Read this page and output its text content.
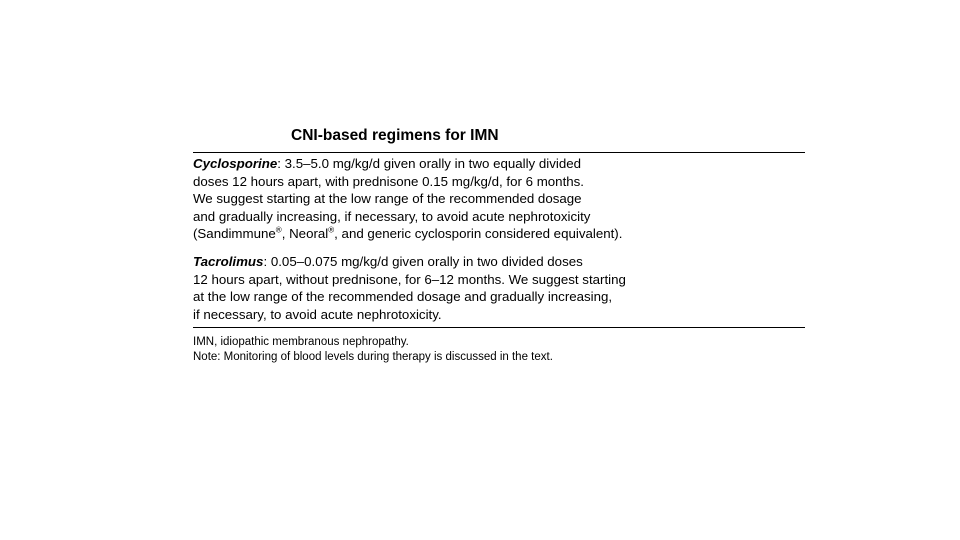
CNI-based regimens for IMN
Cyclosporine: 3.5–5.0 mg/kg/d given orally in two equally divided
doses 12 hours apart, with prednisone 0.15 mg/kg/d, for 6 months.
We suggest starting at the low range of the recommended dosage
and gradually increasing, if necessary, to avoid acute nephrotoxicity
(Sandimmune®, Neoral®, and generic cyclosporin considered equivalent).
Tacrolimus: 0.05–0.075 mg/kg/d given orally in two divided doses
12 hours apart, without prednisone, for 6–12 months. We suggest starting
at the low range of the recommended dosage and gradually increasing,
if necessary, to avoid acute nephrotoxicity.
IMN, idiopathic membranous nephropathy.
Note: Monitoring of blood levels during therapy is discussed in the text.
